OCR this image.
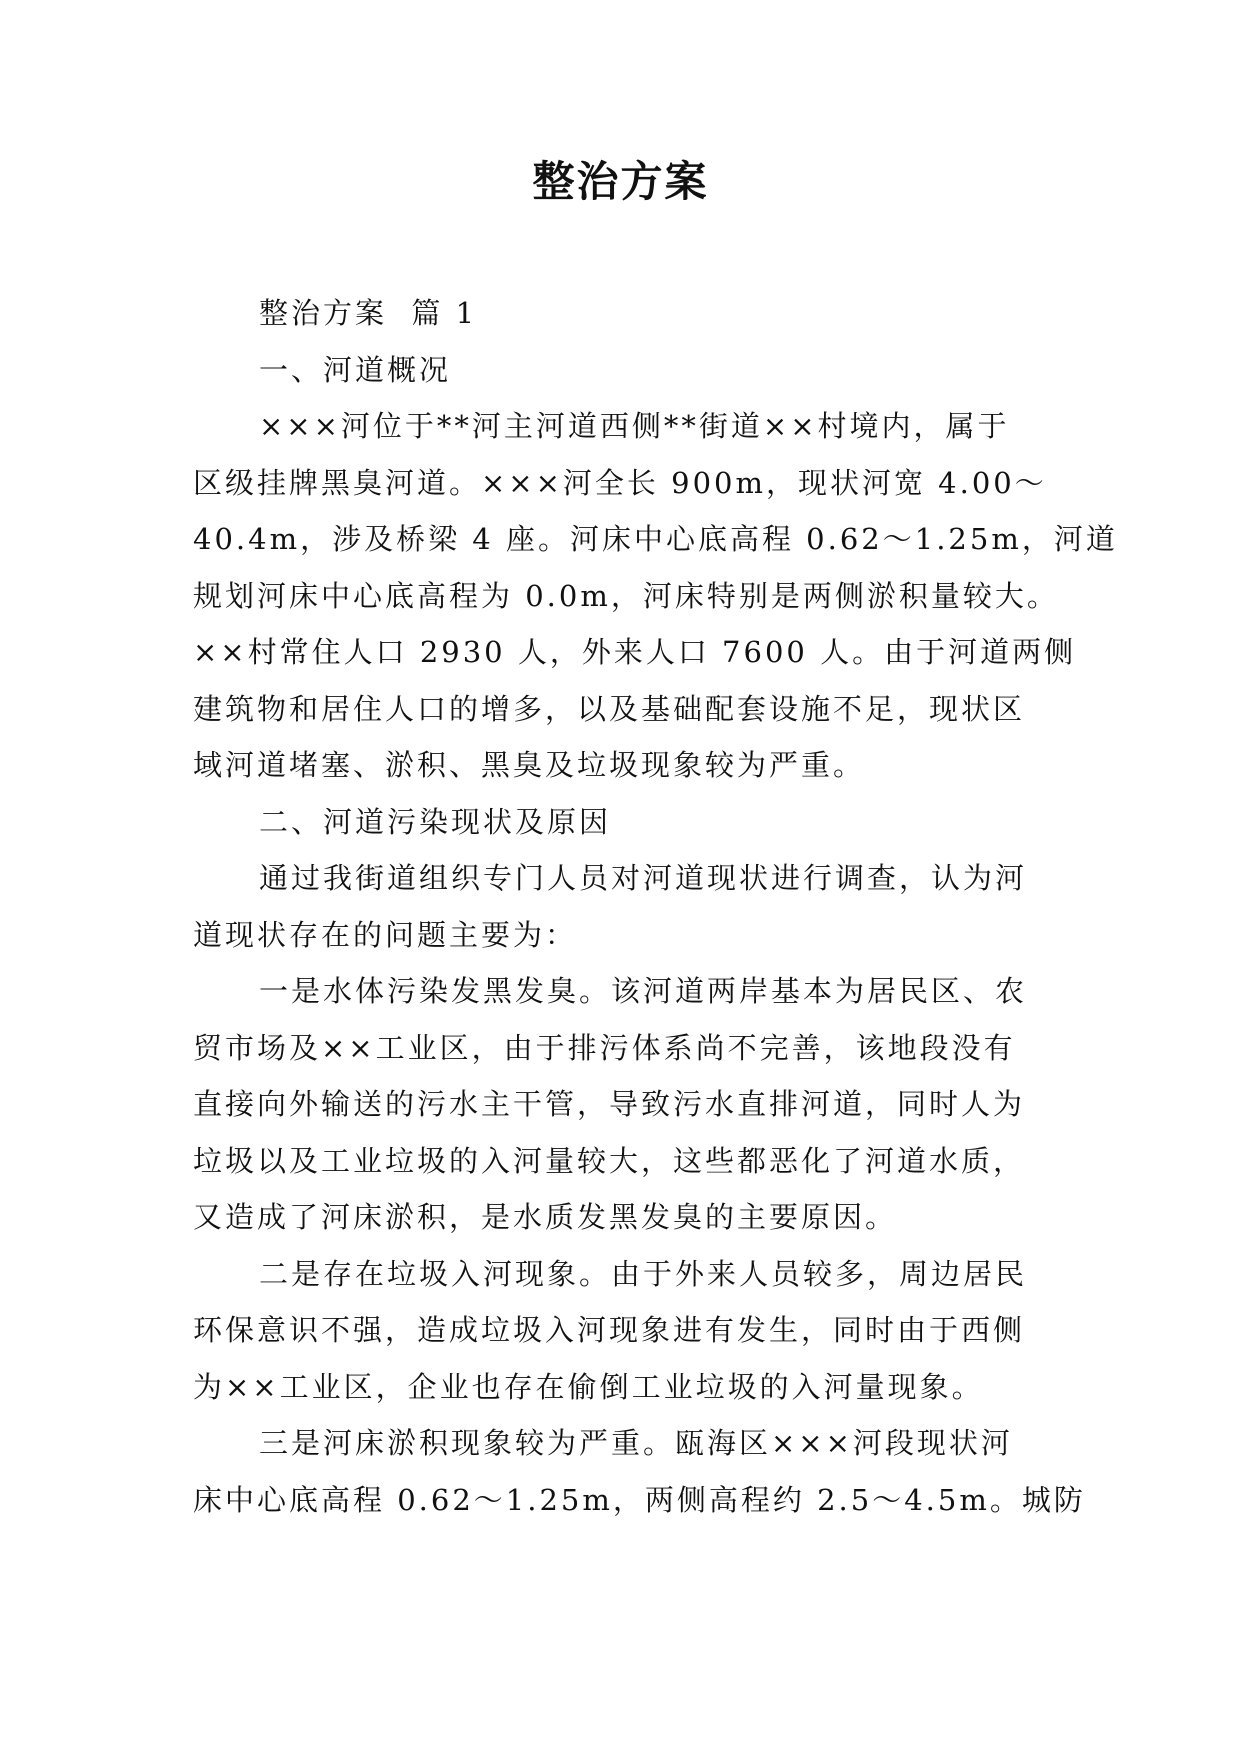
整治方案
整治方案  篇 1
一、河道概况
×××河位于**河主河道西侧**街道××村境内，属于
区级挂牌黑臭河道。×××河全长 900m，现状河宽 4.00～
40.4m，涉及桥梁 4 座。河床中心底高程 0.62～1.25m，河道
规划河床中心底高程为 0.0m，河床特别是两侧淤积量较大。
××村常住人口 2930 人，外来人口 7600 人。由于河道两侧
建筑物和居住人口的增多，以及基础配套设施不足，现状区
域河道堵塞、淤积、黑臭及垃圾现象较为严重。
二、河道污染现状及原因
通过我街道组织专门人员对河道现状进行调查，认为河
道现状存在的问题主要为：
一是水体污染发黑发臭。该河道两岸基本为居民区、农
贸市场及××工业区，由于排污体系尚不完善，该地段没有
直接向外输送的污水主干管，导致污水直排河道，同时人为
垃圾以及工业垃圾的入河量较大，这些都恶化了河道水质，
又造成了河床淤积，是水质发黑发臭的主要原因。
二是存在垃圾入河现象。由于外来人员较多，周边居民
环保意识不强，造成垃圾入河现象进有发生，同时由于西侧
为××工业区，企业也存在偷倒工业垃圾的入河量现象。
三是河床淤积现象较为严重。瓯海区×××河段现状河
床中心底高程 0.62～1.25m，两侧高程约 2.5～4.5m。城防
